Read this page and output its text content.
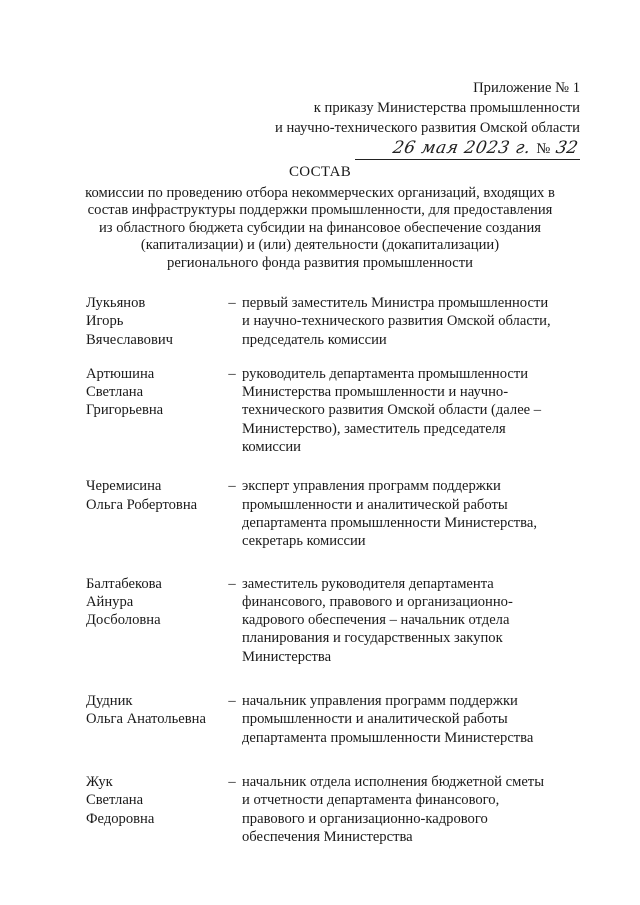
Приложение № 1
к приказу Министерства промышленности
и научно-технического развития Омской области
26 мая 2023 г. № 32
СОСТАВ
комиссии по проведению отбора некоммерческих организаций, входящих в
состав инфраструктуры поддержки промышленности, для предоставления
из областного бюджета субсидии на финансовое обеспечение создания
(капитализации) и (или) деятельности (докапитализации)
регионального фонда развития промышленности
Лукьянов
Игорь
Вячеславович
– первый заместитель Министра промышленности
и научно-технического развития Омской области,
председатель комиссии
Артюшина
Светлана
Григорьевна
– руководитель департамента промышленности
Министерства промышленности и научно-
технического развития Омской области (далее –
Министерство), заместитель председателя
комиссии
Черемисина
Ольга Робертовна
– эксперт управления программ поддержки
промышленности и аналитической работы
департамента промышленности Министерства,
секретарь комиссии
Балтабекова
Айнура
Досболовна
– заместитель руководителя департамента
финансового, правового и организационно-
кадрового обеспечения – начальник отдела
планирования и государственных закупок
Министерства
Дудник
Ольга Анатольевна
– начальник управления программ поддержки
промышленности и аналитической работы
департамента промышленности Министерства
Жук
Светлана
Федоровна
– начальник отдела исполнения бюджетной сметы
и отчетности департамента финансового,
правового и организационно-кадрового
обеспечения Министерства
